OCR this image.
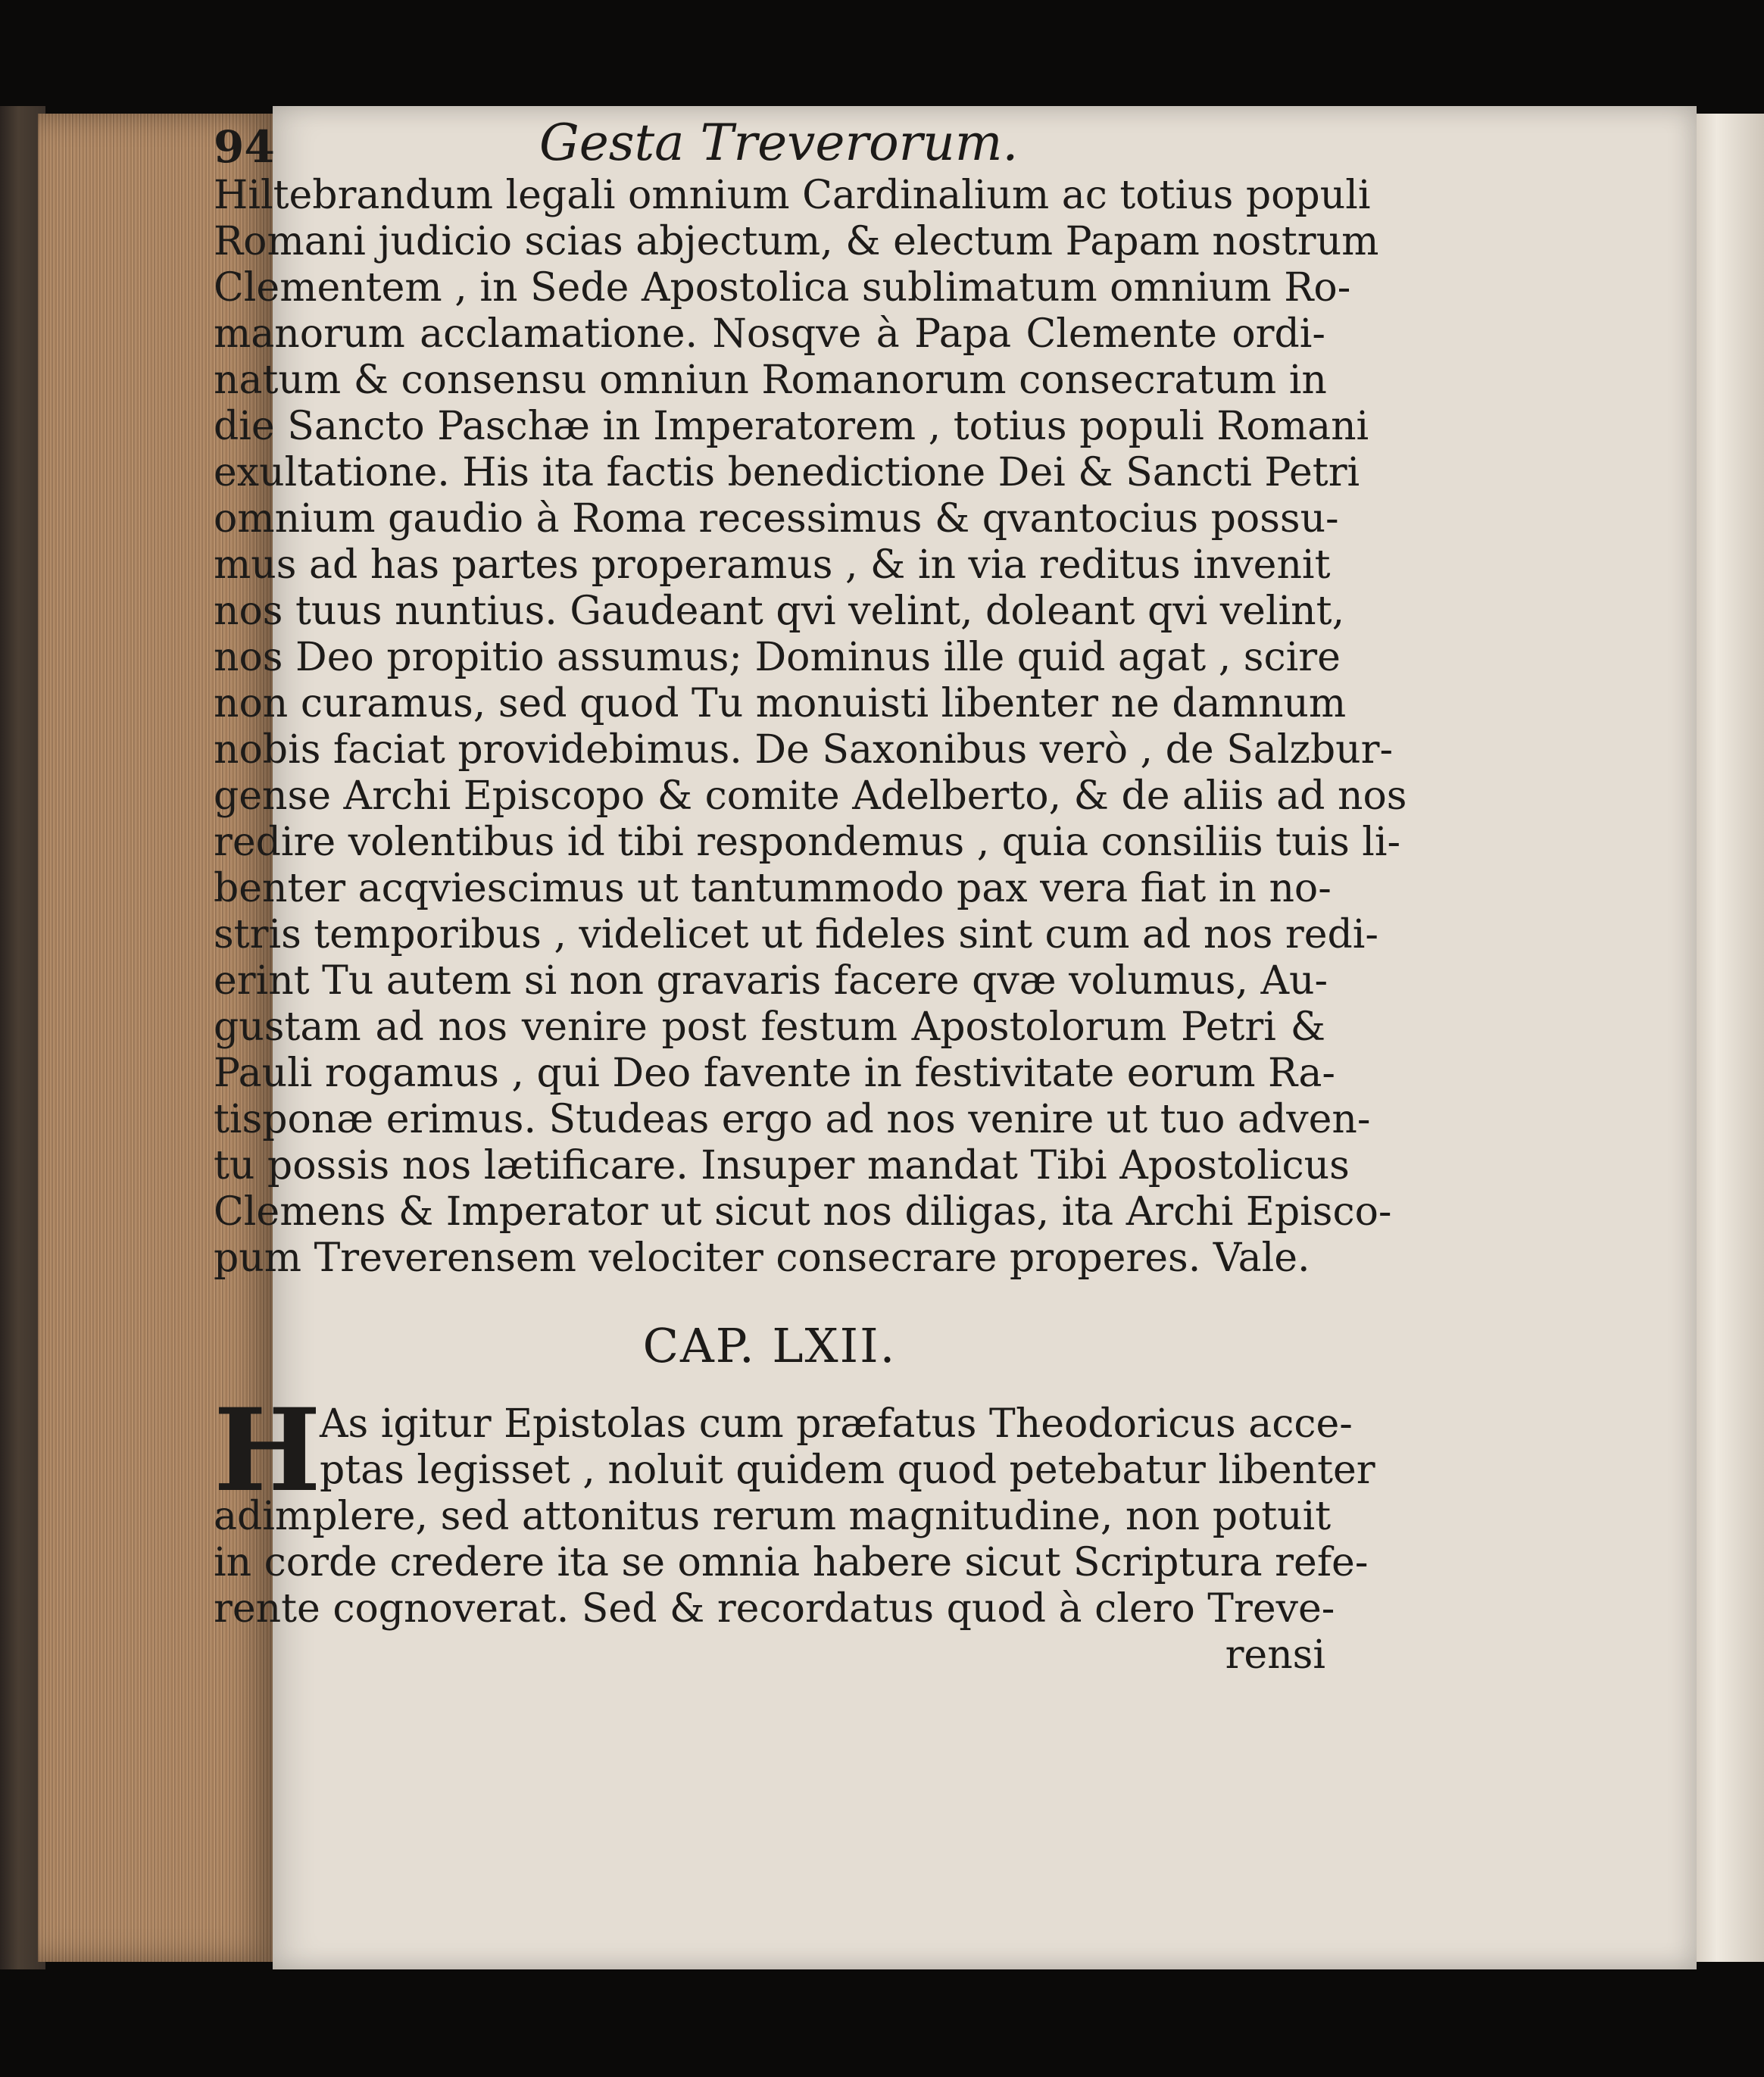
94	Gesta Treverorum.
Hiltebrandum legali omnium Cardinalium ac totius populi
Romani judicio scias abjectum, & electum Papam nostrum
Clementem , in Sede Apostolica sublimatum omnium Ro-
manorum acclamatione. Nosqve à Papa Clemente ordi-
natum & consensu omniun Romanorum consecratum in
die Sancto Paschæ in Imperatorem , totius populi Romani
exultatione. His ita factis benedictione Dei & Sancti Petri
omnium gaudio à Roma recessimus & qvantocius possu-
mus ad has partes properamus , & in via reditus invenit
nos tuus nuntius. Gaudeant qvi velint, doleant qvi velint,
nos Deo propitio assumus; Dominus ille quid agat , scire
non curamus, sed quod Tu monuisti libenter ne damnum
nobis faciat providebimus. De Saxonibus verò , de Salzbur-
gense Archi Episcopo & comite Adelberto, & de aliis ad nos
redire volentibus id tibi respondemus , quia consiliis tuis li-
benter acqviescimus ut tantummodo pax vera fiat in no-
stris temporibus , videlicet ut fideles sint cum ad nos redi-
erint Tu autem si non gravaris facere qvæ volumus, Au-
gustam ad nos venire post festum Apostolorum Petri &
Pauli rogamus , qui Deo favente in festivitate eorum Ra-
tisponæ erimus. Studeas ergo ad nos venire ut tuo adven-
tu possis nos lætificare. Insuper mandat Tibi Apostolicus
Clemens & Imperator ut sicut nos diligas, ita Archi Episco-
pum Treverensem velociter consecrare properes. Vale.
CAP. LXII.
H
As igitur Epistolas cum præfatus Theodoricus acce-
ptas legisset , noluit quidem quod petebatur libenter
adimplere, sed attonitus rerum magnitudine, non potuit
in corde credere ita se omnia habere sicut Scriptura refe-
rente cognoverat. Sed & recordatus quod à clero Treve-
rensi
